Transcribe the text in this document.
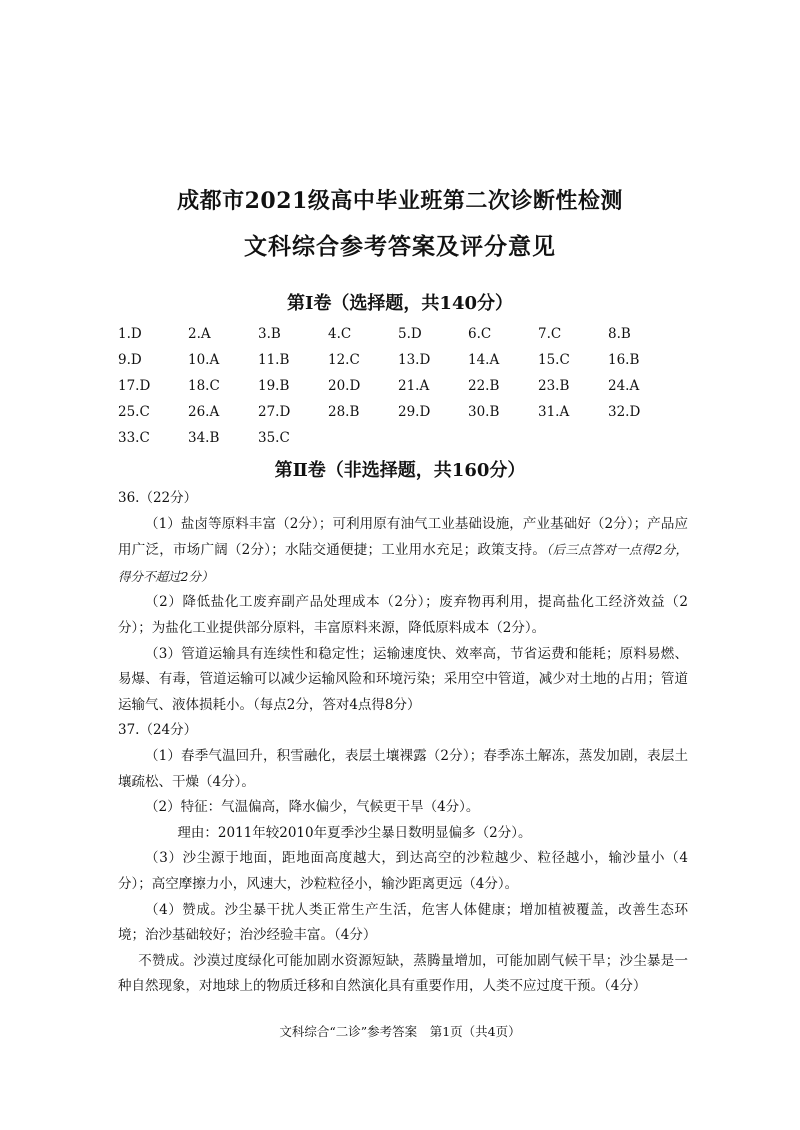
成都市2021级高中毕业班第二次诊断性检测
文科综合参考答案及评分意见
第Ⅰ卷（选择题，共140分）
1.D	2.A	3.B	4.C	5.D	6.C	7.C	8.B
9.D	10.A	11.B	12.C	13.D	14.A	15.C	16.B
17.D	18.C	19.B	20.D	21.A	22.B	23.B	24.A
25.C	26.A	27.D	28.B	29.D	30.B	31.A	32.D
33.C	34.B	35.C
第Ⅱ卷（非选择题，共160分）

36.（22分）

（1）盐卤等原料丰富（2分）；可利用原有油气工业基础设施，产业基础好（2分）；产品应用广泛，市场广阔（2分）；水陆交通便捷；工业用水充足；政策支持。（后三点答对一点得2分，得分不超过2分）

（2）降低盐化工废弃副产品处理成本（2分）；废弃物再利用，提高盐化工经济效益（2分）；为盐化工业提供部分原料，丰富原料来源，降低原料成本（2分）。

（3）管道运输具有连续性和稳定性；运输速度快、效率高，节省运费和能耗；原料易燃、易爆、有毒，管道运输可以减少运输风险和环境污染；采用空中管道，减少对土地的占用；管道运输气、液体损耗小。（每点2分，答对4点得8分）

37.（24分）

（1）春季气温回升，积雪融化，表层土壤裸露（2分）；春季冻土解冻，蒸发加剧，表层土壤疏松、干燥（4分）。

（2）特征：气温偏高，降水偏少，气候更干旱（4分）。

理由：2011年较2010年夏季沙尘暴日数明显偏多（2分）。

（3）沙尘源于地面，距地面高度越大，到达高空的沙粒越少、粒径越小，输沙量小（4分）；高空摩擦力小，风速大，沙粒粒径小，输沙距离更远（4分）。

（4）赞成。沙尘暴干扰人类正常生产生活，危害人体健康；增加植被覆盖，改善生态环境；治沙基础较好；治沙经验丰富。（4分）

不赞成。沙漠过度绿化可能加剧水资源短缺，蒸腾量增加，可能加剧气候干旱；沙尘暴是一种自然现象，对地球上的物质迁移和自然演化具有重要作用，人类不应过度干预。（4分）

文科综合“二诊”参考答案　第1页（共4页）
